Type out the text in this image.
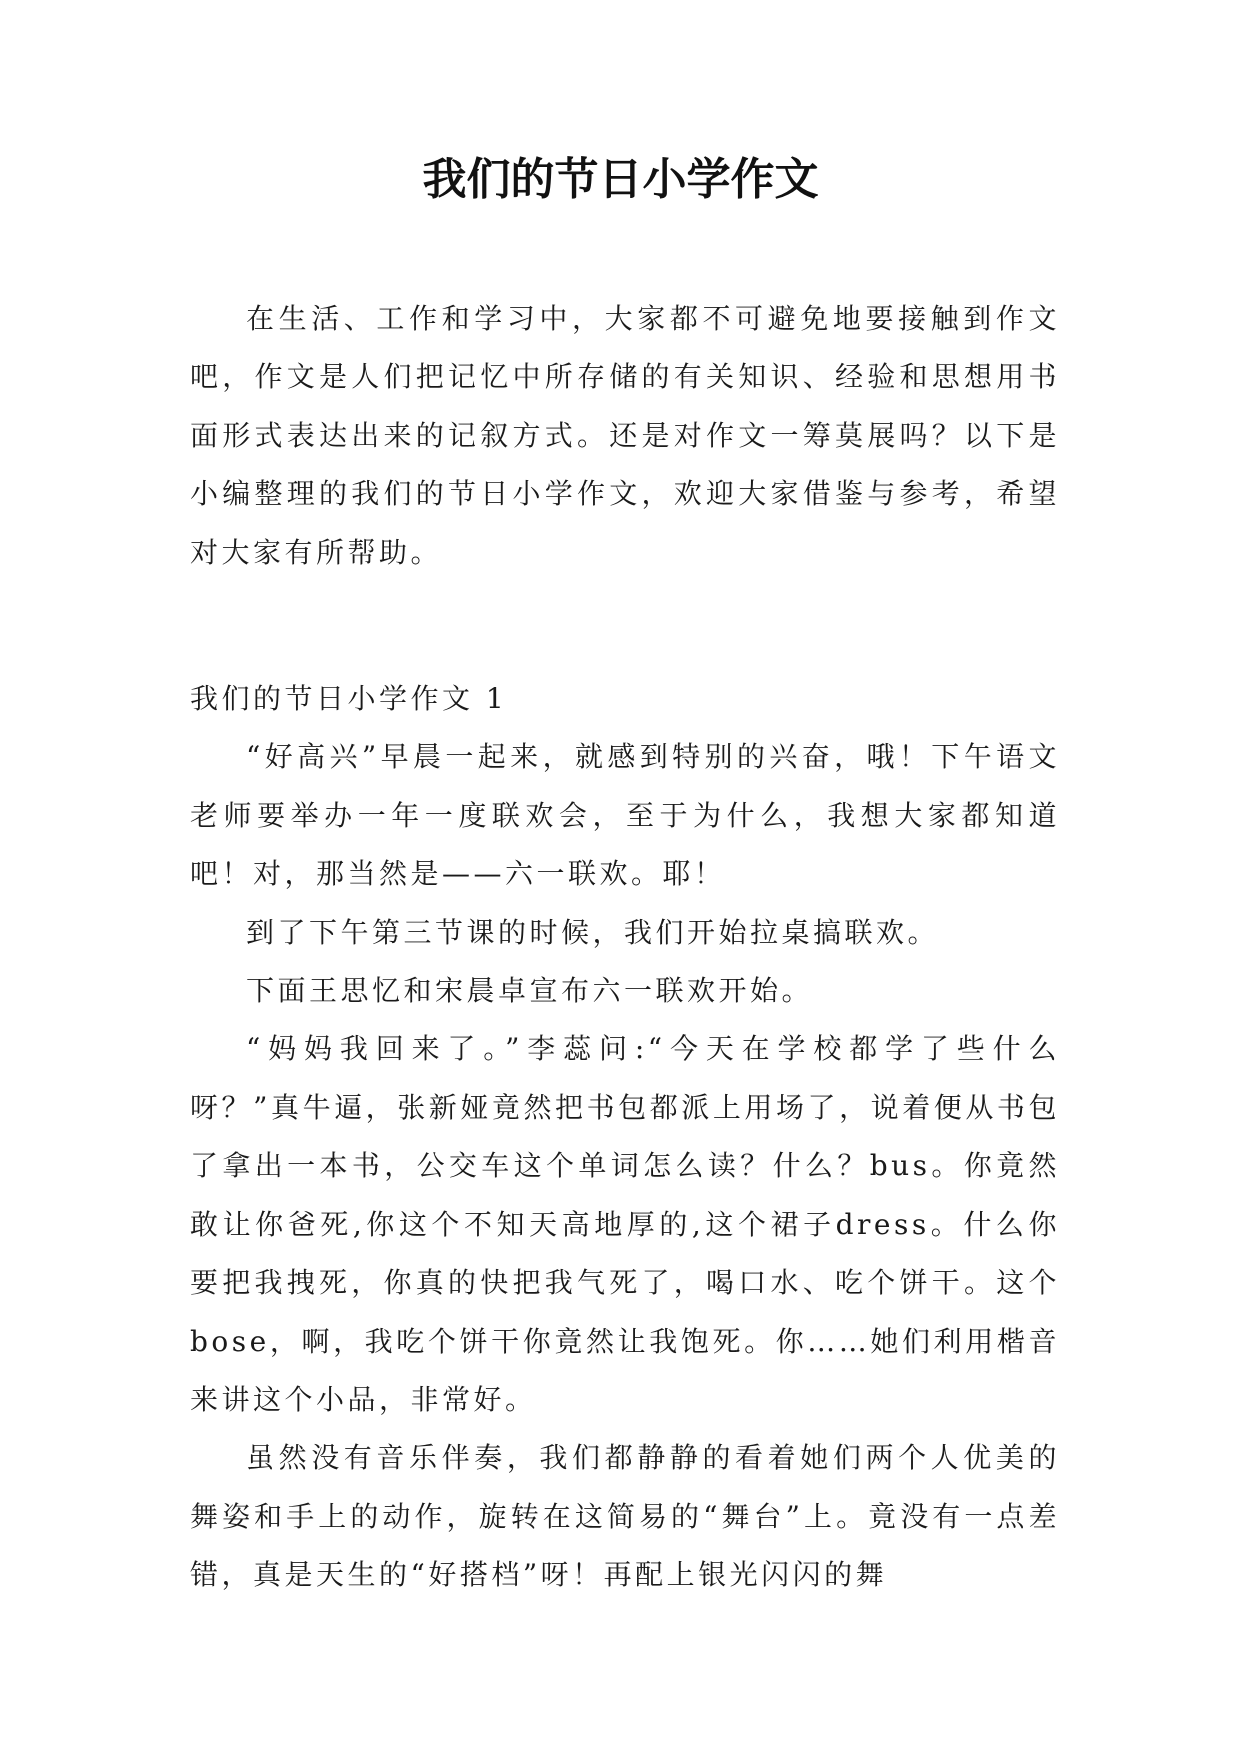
我们的节日小学作文

在生活、工作和学习中，大家都不可避免地要接触到作文吧，作文是人们把记忆中所存储的有关知识、经验和思想用书面形式表达出来的记叙方式。还是对作文一筹莫展吗？以下是小编整理的我们的节日小学作文，欢迎大家借鉴与参考，希望对大家有所帮助。

我们的节日小学作文 1

“好高兴”早晨一起来，就感到特别的兴奋，哦！下午语文老师要举办一年一度联欢会，至于为什么，我想大家都知道吧！对，那当然是——六一联欢。耶！

到了下午第三节课的时候，我们开始拉桌搞联欢。

下面王思忆和宋晨卓宣布六一联欢开始。

“妈妈我回来了。”李蕊问:“今天在学校都学了些什么呀？”真牛逼，张新娅竟然把书包都派上用场了，说着便从书包了拿出一本书，公交车这个单词怎么读？什么？bus。你竟然敢让你爸死,你这个不知天高地厚的,这个裙子dress。什么你要把我拽死，你真的快把我气死了，喝口水、吃个饼干。这个 bose，啊，我吃个饼干你竟然让我饱死。你……她们利用楷音来讲这个小品，非常好。

虽然没有音乐伴奏，我们都静静的看着她们两个人优美的舞姿和手上的动作，旋转在这简易的“舞台”上。竟没有一点差错，真是天生的“好搭档”呀！再配上银光闪闪的舞
